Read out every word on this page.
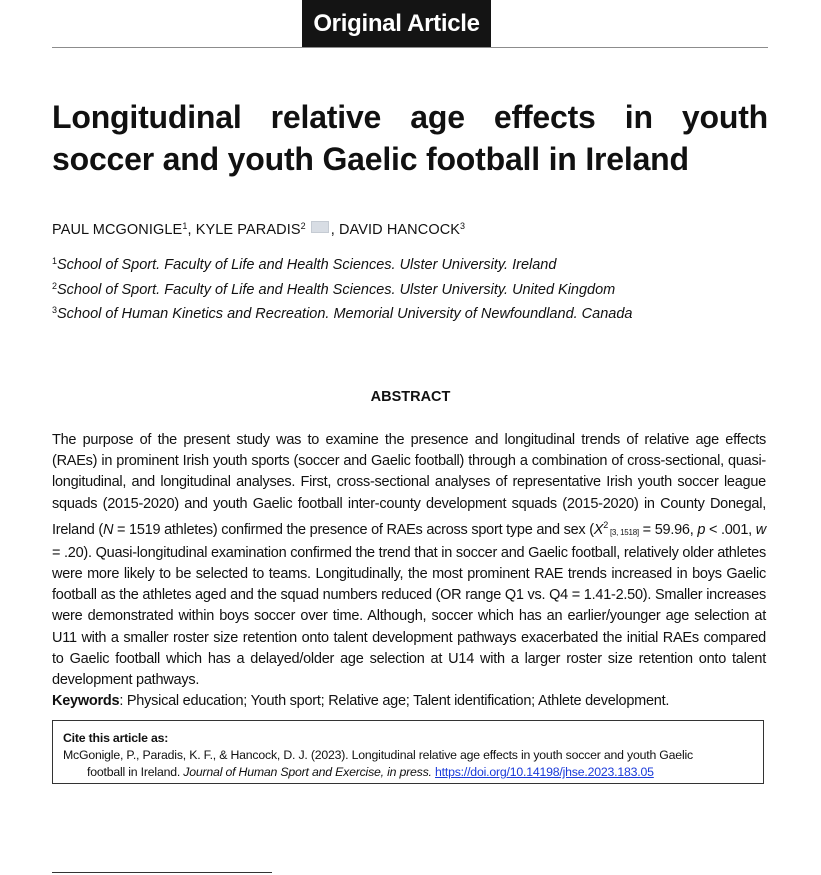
Original Article
Longitudinal relative age effects in youth soccer and youth Gaelic football in Ireland
PAUL MCGONIGLE$^1$, KYLE PARADIS$^2$ , DAVID HANCOCK$^3$
$^1$School of Sport. Faculty of Life and Health Sciences. Ulster University. Ireland
$^2$School of Sport. Faculty of Life and Health Sciences. Ulster University. United Kingdom
$^3$School of Human Kinetics and Recreation. Memorial University of Newfoundland. Canada
ABSTRACT

The purpose of the present study was to examine the presence and longitudinal trends of relative age effects (RAEs) in prominent Irish youth sports (soccer and Gaelic football) through a combination of cross-sectional, quasi-longitudinal, and longitudinal analyses. First, cross-sectional analyses of representative Irish youth soccer league squads (2015-2020) and youth Gaelic football inter-county development squads (2015-2020) in County Donegal, Ireland (N = 1519 athletes) confirmed the presence of RAEs across sport type and sex ($X^2$ $_{[3, 1518]}$ = 59.96, p < .001, w = .20). Quasi-longitudinal examination confirmed the trend that in soccer and Gaelic football, relatively older athletes were more likely to be selected to teams. Longitudinally, the most prominent RAE trends increased in boys Gaelic football as the athletes aged and the squad numbers reduced (OR range Q1 vs. Q4 = 1.41-2.50). Smaller increases were demonstrated within boys soccer over time. Although, soccer which has an earlier/younger age selection at U11 with a smaller roster size retention onto talent development pathways exacerbated the initial RAEs compared to Gaelic football which has a delayed/older age selection at U14 with a larger roster size retention onto talent development pathways.
Keywords: Physical education; Youth sport; Relative age; Talent identification; Athlete development.

Cite this article as:
McGonigle, P., Paradis, K. F., & Hancock, D. J. (2023). Longitudinal relative age effects in youth soccer and youth Gaelic
football in Ireland. Journal of Human Sport and Exercise, in press. https://doi.org/10.14198/jhse.2023.183.05
